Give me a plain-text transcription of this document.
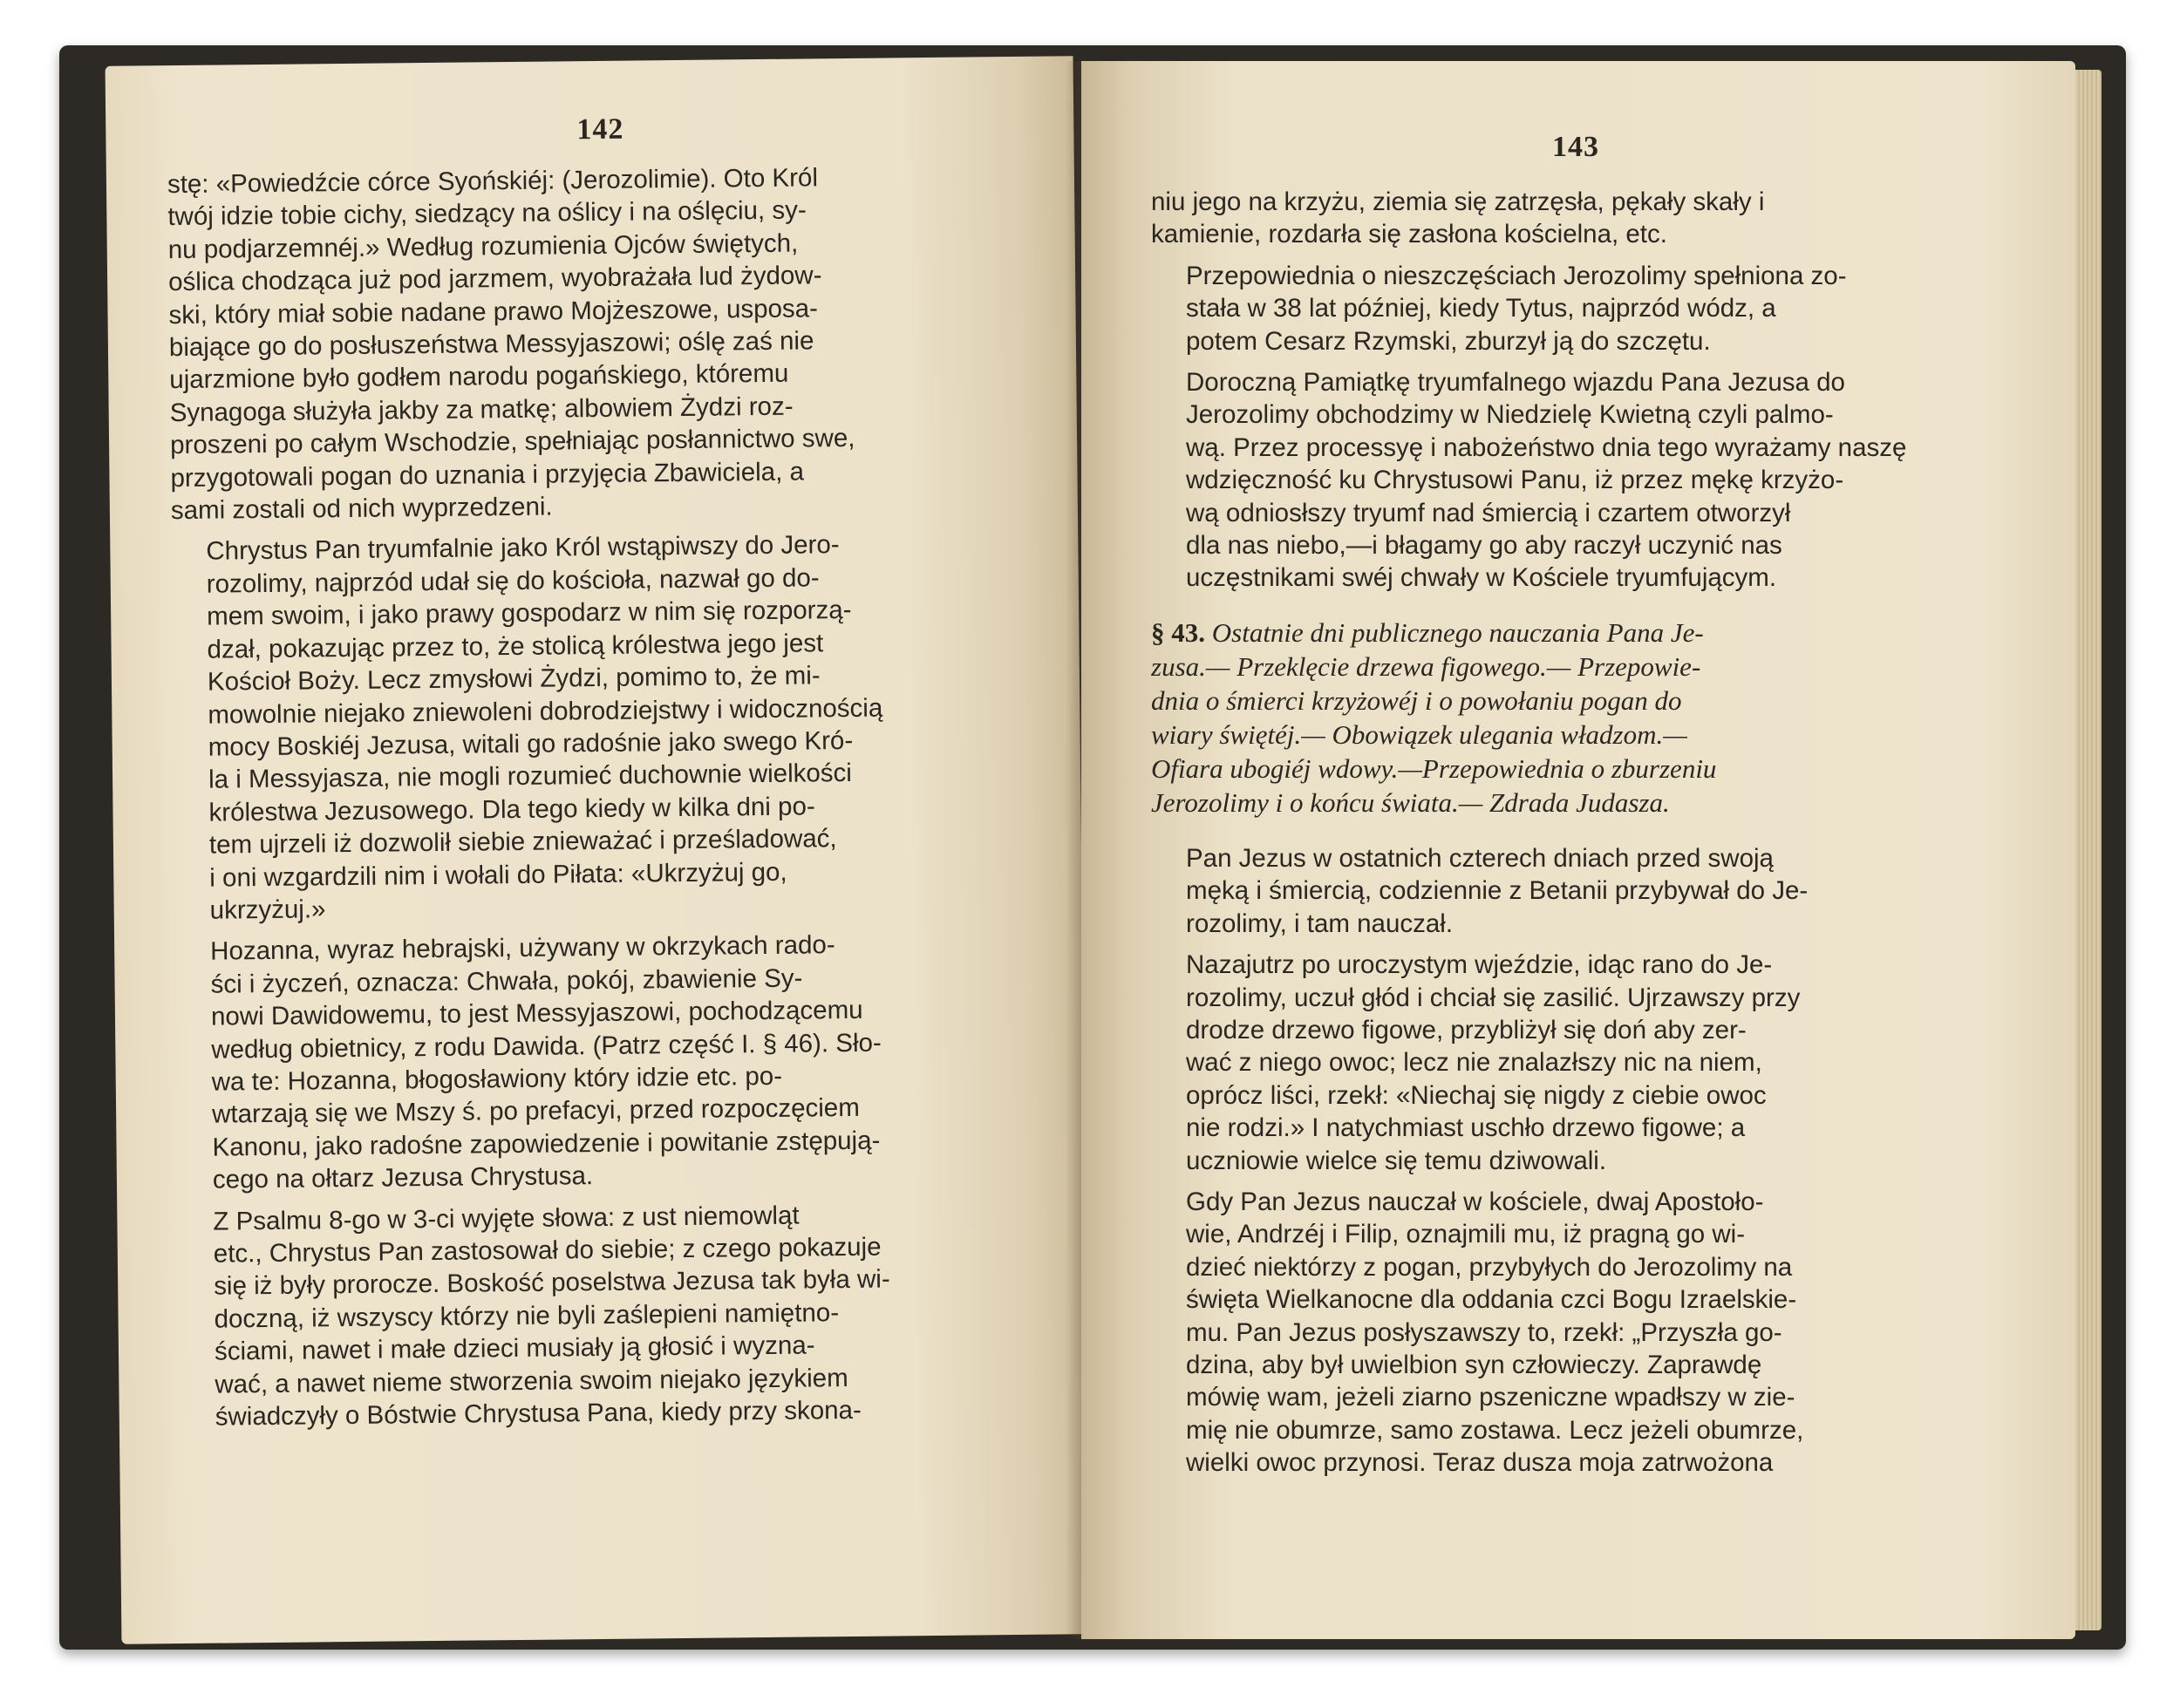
142

stę: «Powiedźcie córce Syońskiéj: (Jerozolimie). Oto Król
twój idzie tobie cichy, siedzący na oślicy i na oślęciu, sy-
nu podjarzemnéj.» Według rozumienia Ojców świętych,
oślica chodząca już pod jarzmem, wyobrażała lud żydow-
ski, który miał sobie nadane prawo Mojżeszowe, usposa-
biające go do posłuszeństwa Messyjaszowi; oślę zaś nie
ujarzmione było godłem narodu pogańskiego, któremu
Synagoga służyła jakby za matkę; albowiem Żydzi roz-
proszeni po całym Wschodzie, spełniając posłannictwo swe,
przygotowali pogan do uznania i przyjęcia Zbawiciela, a
sami zostali od nich wyprzedzeni.

Chrystus Pan tryumfalnie jako Król wstąpiwszy do Jero-
rozolimy, najprzód udał się do kościoła, nazwał go do-
mem swoim, i jako prawy gospodarz w nim się rozporzą-
dzał, pokazując przez to, że stolicą królestwa jego jest
Kościoł Boży. Lecz zmysłowi Żydzi, pomimo to, że mi-
mowolnie niejako zniewoleni dobrodziejstwy i widocznością
mocy Boskiéj Jezusa, witali go radośnie jako swego Kró-
la i Messyjasza, nie mogli rozumieć duchownie wielkości
królestwa Jezusowego. Dla tego kiedy w kilka dni po-
tem ujrzeli iż dozwolił siebie znieważać i prześladować,
i oni wzgardzili nim i wołali do Piłata: «Ukrzyżuj go,
ukrzyżuj.»

Hozanna, wyraz hebrajski, używany w okrzykach rado-
ści i życzeń, oznacza: Chwała, pokój, zbawienie Sy-
nowi Dawidowemu, to jest Messyjaszowi, pochodzącemu
według obietnicy, z rodu Dawida. (Patrz część I. § 46). Sło-
wa te: Hozanna, błogosławiony który idzie etc. po-
wtarzają się we Mszy ś. po prefacyi, przed rozpoczęciem
Kanonu, jako radośne zapowiedzenie i powitanie zstępują-
cego na ołtarz Jezusa Chrystusa.

Z Psalmu 8-go w 3-ci wyjęte słowa: z ust niemowląt
etc., Chrystus Pan zastosował do siebie; z czego pokazuje
się iż były prorocze. Boskość poselstwa Jezusa tak była wi-
doczną, iż wszyscy którzy nie byli zaślepieni namiętno-
ściami, nawet i małe dzieci musiały ją głosić i wyzna-
wać, a nawet nieme stworzenia swoim niejako językiem
świadczyły o Bóstwie Chrystusa Pana, kiedy przy skona-

143

niu jego na krzyżu, ziemia się zatrzęsła, pękały skały i
kamienie, rozdarła się zasłona kościelna, etc.

Przepowiednia o nieszczęściach Jerozolimy spełniona zo-
stała w 38 lat później, kiedy Tytus, najprzód wódz, a
potem Cesarz Rzymski, zburzył ją do szczętu.

Doroczną Pamiątkę tryumfalnego wjazdu Pana Jezusa do
Jerozolimy obchodzimy w Niedzielę Kwietną czyli palmo-
wą. Przez processyę i nabożeństwo dnia tego wyrażamy naszę
wdzięczność ku Chrystusowi Panu, iż przez mękę krzyżo-
wą odniosłszy tryumf nad śmiercią i czartem otworzył
dla nas niebo,—i błagamy go aby raczył uczynić nas
uczęstnikami swéj chwały w Kościele tryumfującym.

§ 43. Ostatnie dni publicznego nauczania Pana Je-
zusa.— Przeklęcie drzewa figowego.— Przepowie-
dnia o śmierci krzyżowéj i o powołaniu pogan do
wiary świętéj.— Obowiązek ulegania władzom.—
Ofiara ubogiéj wdowy.—Przepowiednia o zburzeniu
Jerozolimy i o końcu świata.— Zdrada Judasza.

Pan Jezus w ostatnich czterech dniach przed swoją
męką i śmiercią, codziennie z Betanii przybywał do Je-
rozolimy, i tam nauczał.

Nazajutrz po uroczystym wjeździe, idąc rano do Je-
rozolimy, uczuł głód i chciał się zasilić. Ujrzawszy przy
drodze drzewo figowe, przybliżył się doń aby zer-
wać z niego owoc; lecz nie znalazłszy nic na niem,
oprócz liści, rzekł: «Niechaj się nigdy z ciebie owoc
nie rodzi.» I natychmiast uschło drzewo figowe; a
uczniowie wielce się temu dziwowali.

Gdy Pan Jezus nauczał w kościele, dwaj Apostoło-
wie, Andrzéj i Filip, oznajmili mu, iż pragną go wi-
dzieć niektórzy z pogan, przybyłych do Jerozolimy na
święta Wielkanocne dla oddania czci Bogu Izraelskie-
mu. Pan Jezus posłyszawszy to, rzekł: „Przyszła go-
dzina, aby był uwielbion syn człowieczy. Zaprawdę
mówię wam, jeżeli ziarno pszeniczne wpadłszy w zie-
mię nie obumrze, samo zostawa. Lecz jeżeli obumrze,
wielki owoc przynosi. Teraz dusza moja zatrwożona
